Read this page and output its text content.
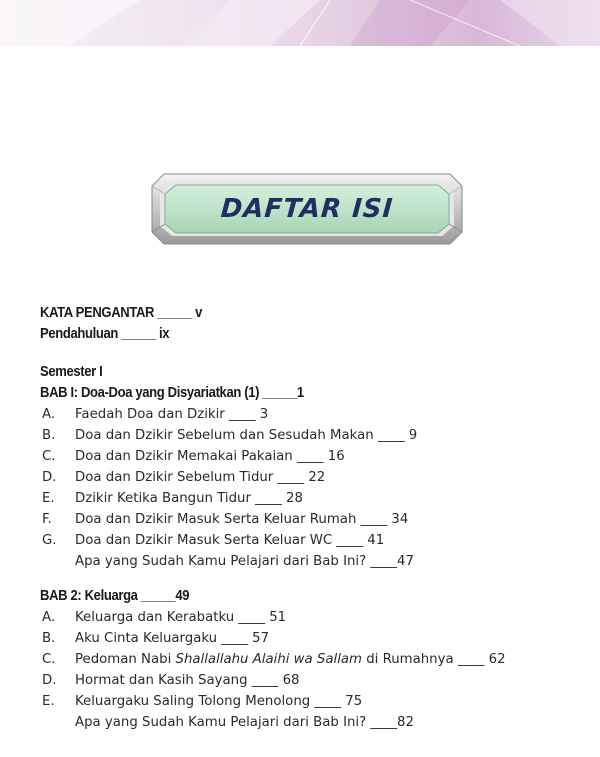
DAFTAR ISI
KATA PENGANTAR _____ v
Pendahuluan _____ ix
Semester I
BAB I: Doa-Doa yang Disyariatkan (1) _____1
A. Faedah Doa dan Dzikir ____ 3
B. Doa dan Dzikir Sebelum dan Sesudah Makan ____ 9
C. Doa dan Dzikir Memakai Pakaian ____ 16
D. Doa dan Dzikir Sebelum Tidur ____ 22
E. Dzikir Ketika Bangun Tidur ____ 28
F. Doa dan Dzikir Masuk Serta Keluar Rumah ____ 34
G. Doa dan Dzikir Masuk Serta Keluar WC ____ 41
Apa yang Sudah Kamu Pelajari dari Bab Ini? ____47
BAB 2: Keluarga _____49
A. Keluarga dan Kerabatku ____ 51
B. Aku Cinta Keluargaku ____ 57
C. Pedoman Nabi Shallallahu Alaihi wa Sallam di Rumahnya ____ 62
D. Hormat dan Kasih Sayang ____ 68
E. Keluargaku Saling Tolong Menolong ____ 75
Apa yang Sudah Kamu Pelajari dari Bab Ini? ____82
